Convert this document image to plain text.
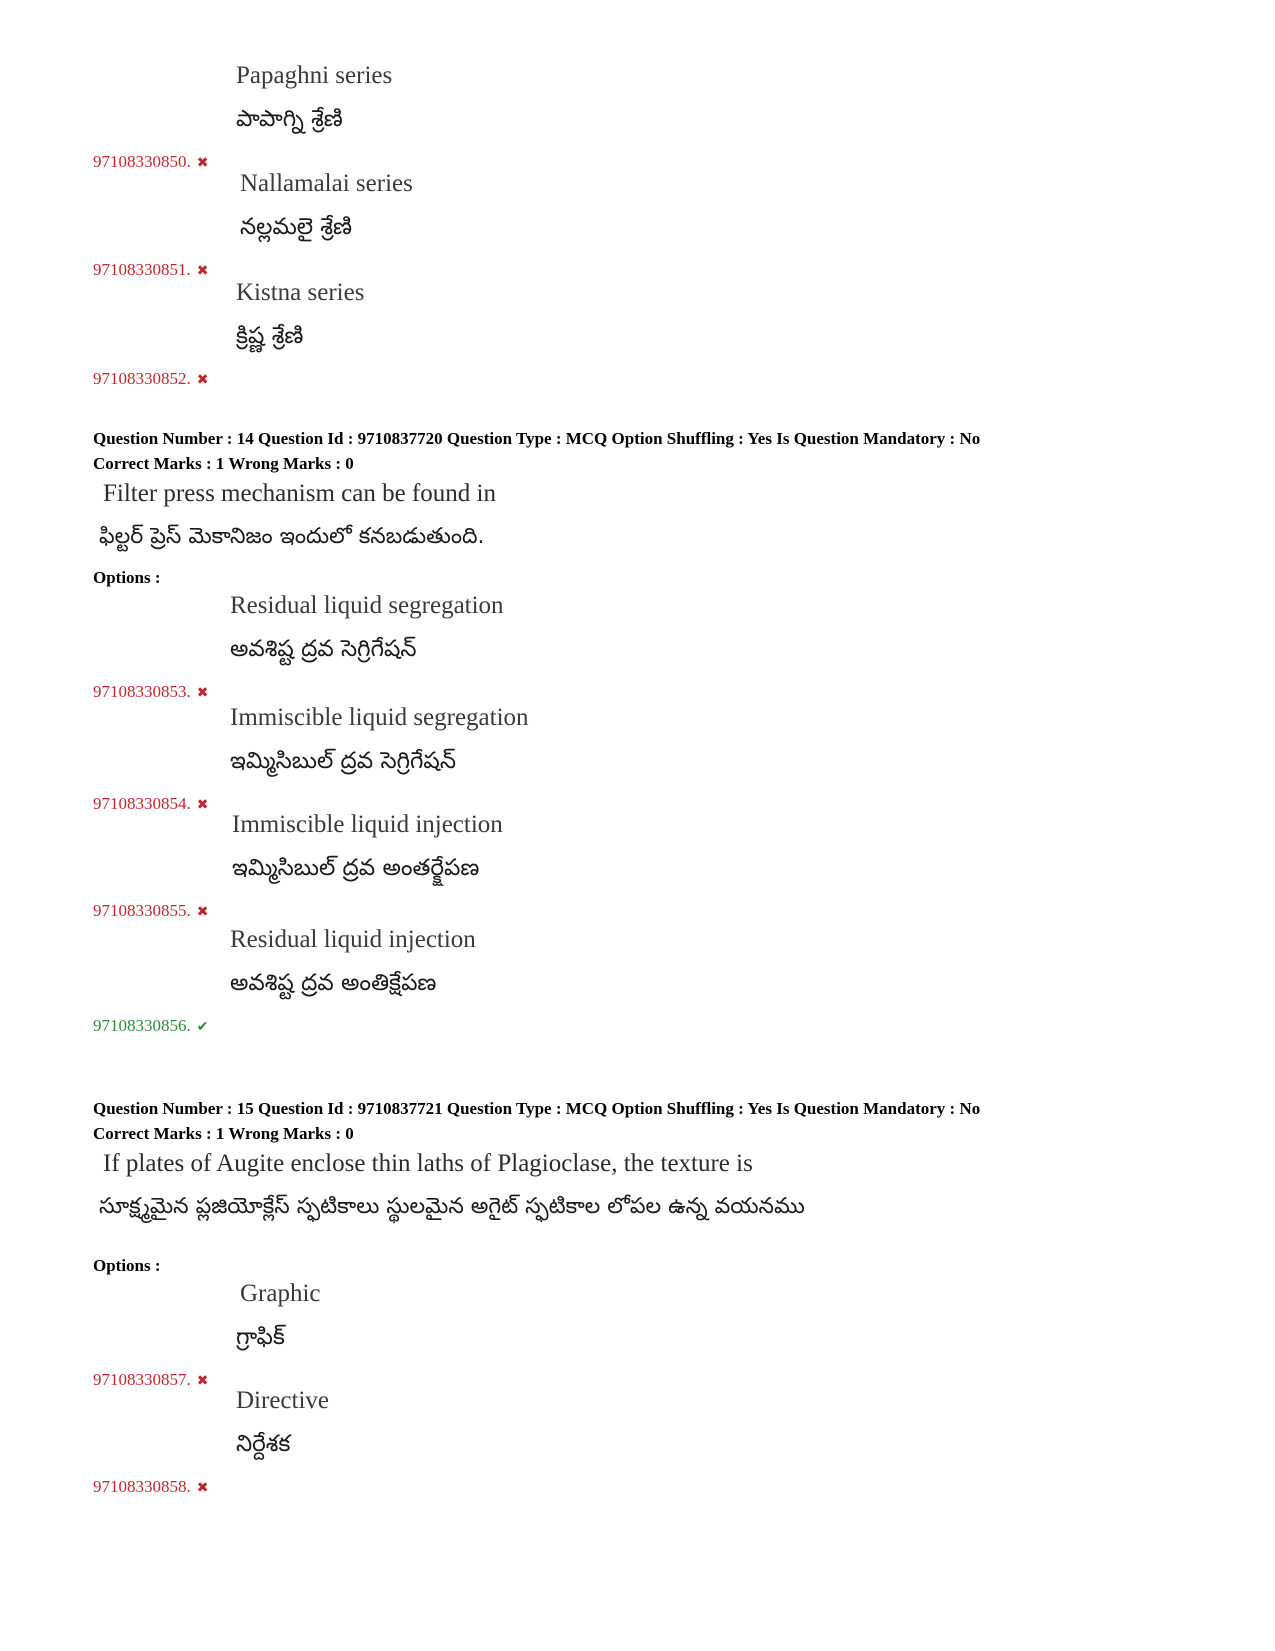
Papaghni series
పాపాగ్ని శ్రేణి
97108330850. ✖
Nallamalai series
నల్లమలై శ్రేణి
97108330851. ✖
Kistna series
క్రిష్ణ శ్రేణి
97108330852. ✖
Question Number : 14 Question Id : 9710837720 Question Type : MCQ Option Shuffling : Yes Is Question Mandatory : No
Correct Marks : 1 Wrong Marks : 0
Filter press mechanism can be found in
ఫిల్టర్ ప్రెస్ మెకానిజం ఇందులో కనబడుతుంది.
Options :
Residual liquid segregation
అవశిష్ట ద్రవ సెగ్రిగేషన్
97108330853. ✖
Immiscible liquid segregation
ఇమ్మిసిబుల్ ద్రవ సెగ్రిగేషన్
97108330854. ✖
Immiscible liquid injection
ఇమ్మిసిబుల్ ద్రవ అంతర్క్షేపణ
97108330855. ✖
Residual liquid injection
అవశిష్ట ద్రవ అంతిక్షేపణ
97108330856. ✔
Question Number : 15 Question Id : 9710837721 Question Type : MCQ Option Shuffling : Yes Is Question Mandatory : No
Correct Marks : 1 Wrong Marks : 0
If plates of Augite enclose thin laths of Plagioclase, the texture is
సూక్ష్మమైన ప్లజియోక్లేస్ స్ఫటికాలు స్థులమైన అగైట్ స్ఫటికాల లోపల ఉన్న వయనము
Options :
Graphic
గ్రాఫిక్
97108330857. ✖
Directive
నిర్దేశక
97108330858. ✖
